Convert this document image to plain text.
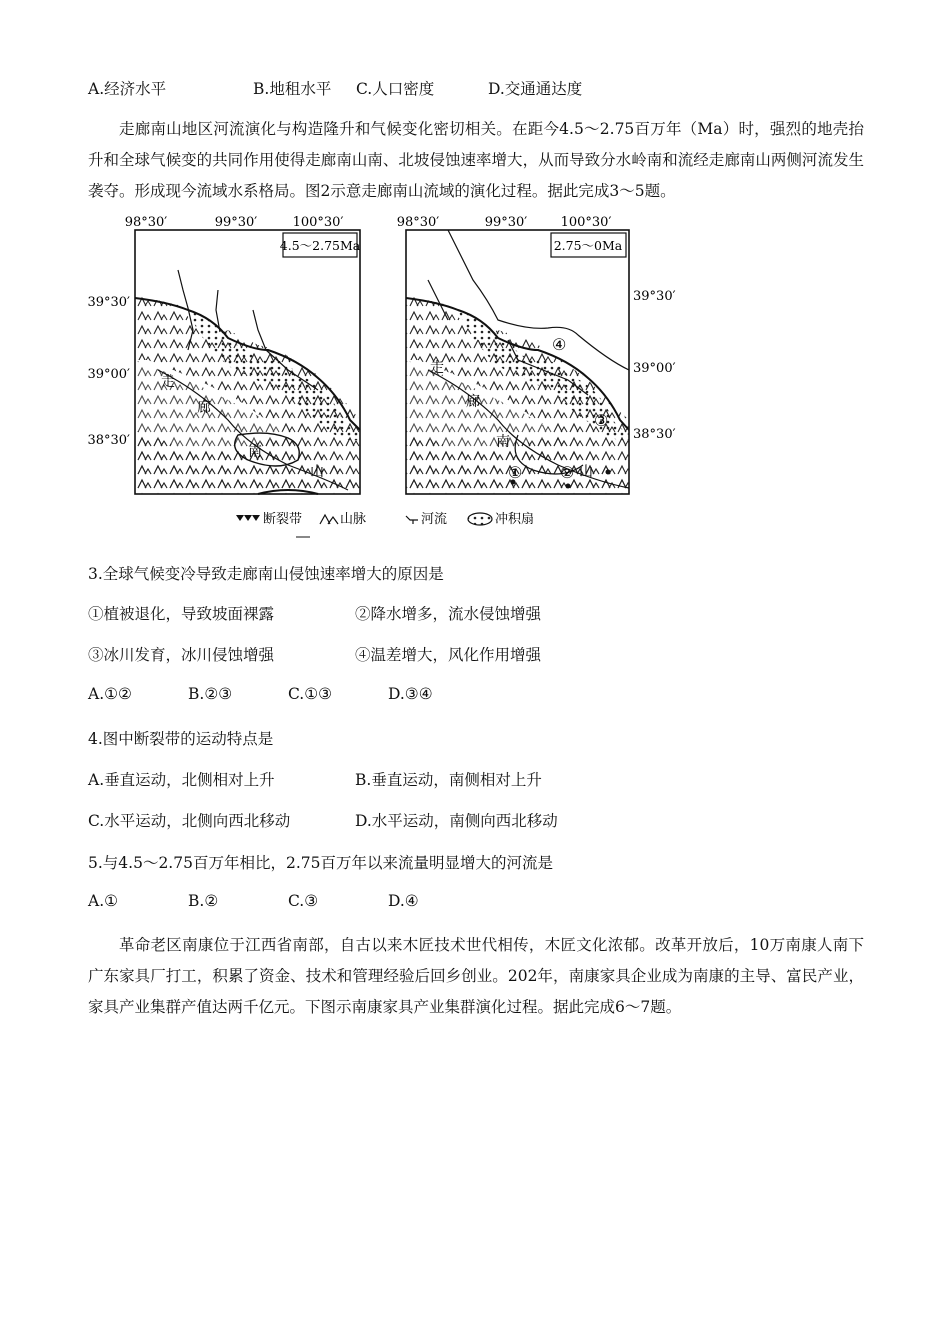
A.经济水平	B.地租水平 C.人口密度	D.交通通达度

走廊南山地区河流演化与构造隆升和气候变化密切相关。在距今4.5～2.75百万年（Ma）时，强烈的地壳抬升和全球气候变的共同作用使得走廊南山南、北坡侵蚀速率增大，从而导致分水岭南和流经走廊南山两侧河流发生袭夺。形成现今流域水系格局。图2示意走廊南山流域的演化过程。据此完成3～5题。

4.5～2.75Ma
98°30′	99°30′	100°30′
39°30′
39°00′
38°30′
走
廊
南
山
2.75～0Ma
98°30′	99°30′	100°30′
39°30′
39°00′
38°30′
走
廊
南
山
① ②
③
④
断裂带	山脉	河流	冲积扇
3.全球气候变冷导致走廊南山侵蚀速率增大的原因是
①植被退化，导致坡面裸露	②降水增多，流水侵蚀增强
③冰川发育，冰川侵蚀增强	④温差增大，风化作用增强
A.①②	B.②③	C.①③	D.③④
4.图中断裂带的运动特点是
A.垂直运动，北侧相对上升	B.垂直运动，南侧相对上升
C.水平运动，北侧向西北移动	D.水平运动，南侧向西北移动
5.与4.5～2.75百万年相比，2.75百万年以来流量明显增大的河流是
A.①	B.②	C.③	D.④

革命老区南康位于江西省南部，自古以来木匠技术世代相传，木匠文化浓郁。改革开放后，10万南康人南下广东家具厂打工，积累了资金、技术和管理经验后回乡创业。202年，南康家具企业成为南康的主导、富民产业，家具产业集群产值达两千亿元。下图示南康家具产业集群演化过程。据此完成6～7题。
